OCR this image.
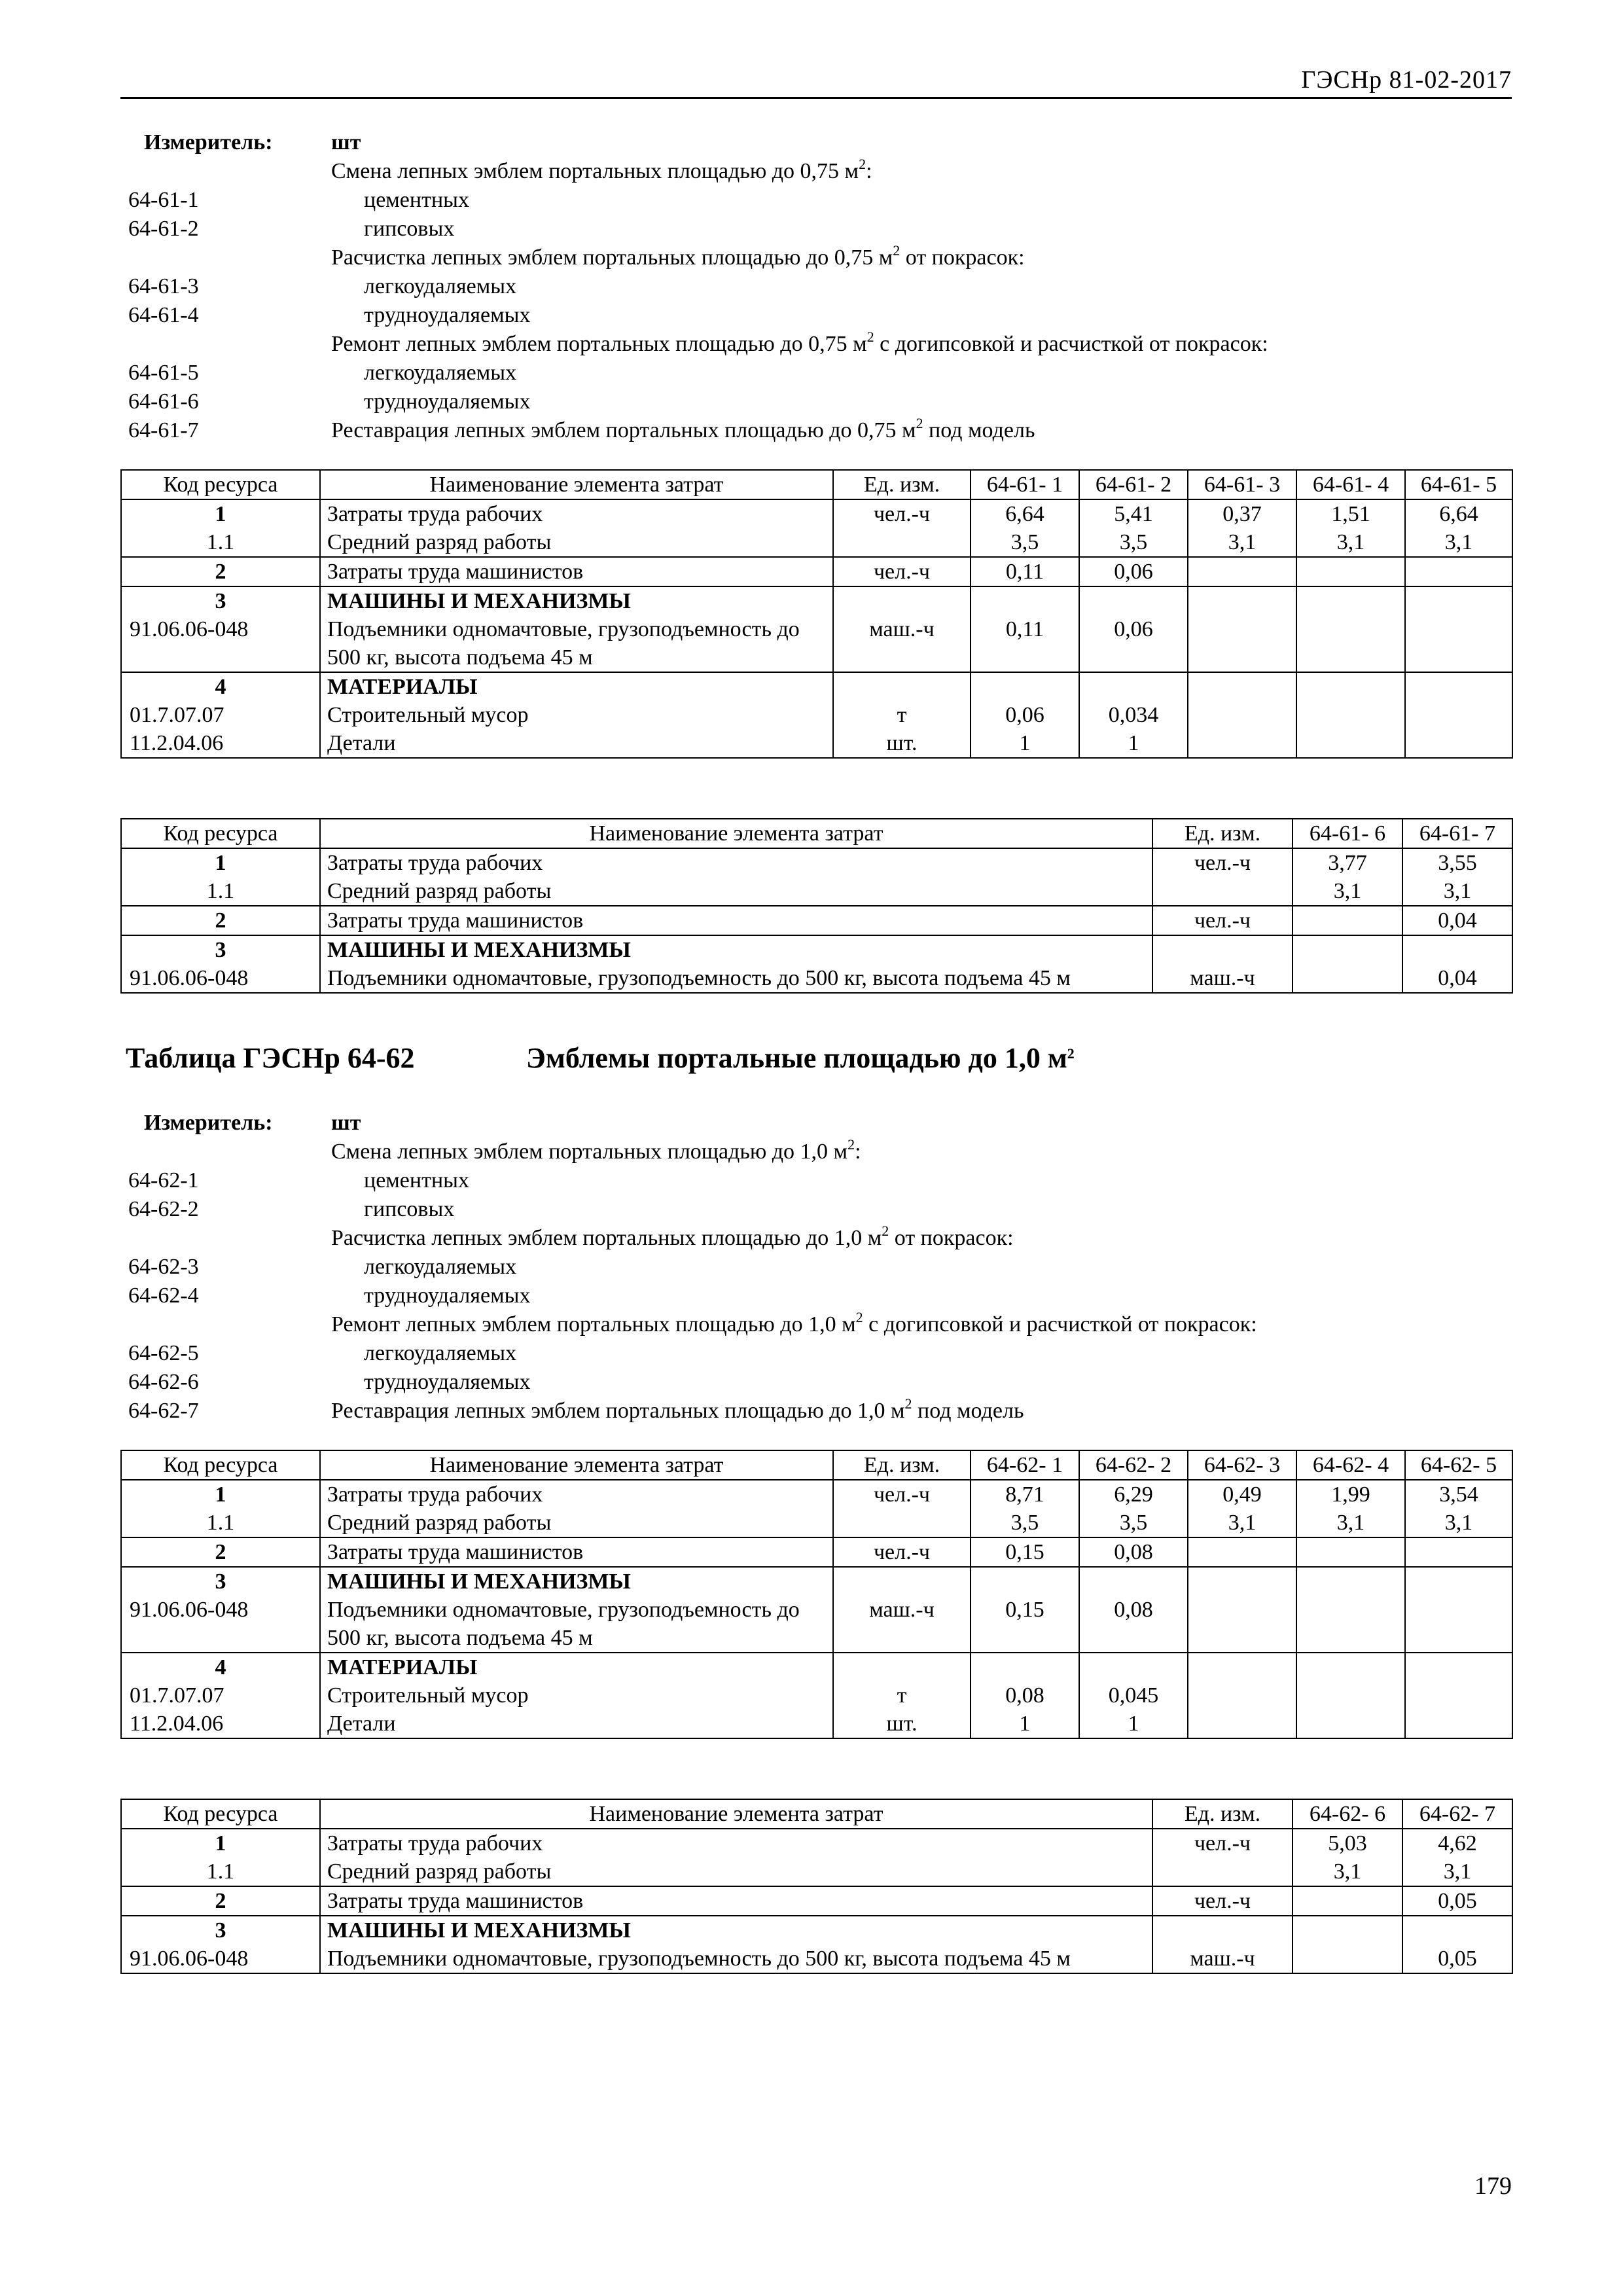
ГЭСНр 81-02-2017
Измеритель:	шт
Смена лепных эмблем портальных площадью до 0,75 $м^2$:
64-61-1	цементных
64-61-2	гипсовых
Расчистка лепных эмблем портальных площадью до 0,75 $м^2$ от покрасок:
64-61-3	легкоудаляемых
64-61-4	трудноудаляемых
Ремонт лепных эмблем портальных площадью до 0,75 $м^2$ с догипсовкой и расчисткой от покрасок:
64-61-5	легкоудаляемых
64-61-6	трудноудаляемых
64-61-7	Реставрация лепных эмблем портальных площадью до 0,75 $м^2$ под модель
Код ресурса	Наименование элемента затрат	Ед. изм.	64-61- 1	64-61- 2	64-61- 3	64-61- 4	64-61- 5
1	Затраты труда рабочих	чел.-ч	6,64	5,41	0,37	1,51	6,64
1.1	Средний разряд работы		3,5	3,5	3,1	3,1	3,1
2	Затраты труда машинистов	чел.-ч	0,11	0,06			
3	МАШИНЫ И МЕХАНИЗМЫ						
91.06.06-048	Подъемники одномачтовые, грузоподъемность до 500 кг, высота подъема 45 м	маш.-ч	0,11	0,06			
4	МАТЕРИАЛЫ						
01.7.07.07	Строительный мусор	т	0,06	0,034			
11.2.04.06	Детали	шт.	1	1			
Код ресурса	Наименование элемента затрат	Ед. изм.	64-61- 6	64-61- 7
1	Затраты труда рабочих	чел.-ч	3,77	3,55
1.1	Средний разряд работы		3,1	3,1
2	Затраты труда машинистов	чел.-ч		0,04
3	МАШИНЫ И МЕХАНИЗМЫ			
91.06.06-048	Подъемники одномачтовые, грузоподъемность до 500 кг, высота подъема 45 м	маш.-ч		0,04
Таблица ГЭСНр 64-62	Эмблемы портальные площадью до 1,0 $м^2$
Измеритель:	шт
Смена лепных эмблем портальных площадью до 1,0 $м^2$:
64-62-1	цементных
64-62-2	гипсовых
Расчистка лепных эмблем портальных площадью до 1,0 $м^2$ от покрасок:
64-62-3	легкоудаляемых
64-62-4	трудноудаляемых
Ремонт лепных эмблем портальных площадью до 1,0 $м^2$ с догипсовкой и расчисткой от покрасок:
64-62-5	легкоудаляемых
64-62-6	трудноудаляемых
64-62-7	Реставрация лепных эмблем портальных площадью до 1,0 $м^2$ под модель
Код ресурса	Наименование элемента затрат	Ед. изм.	64-62- 1	64-62- 2	64-62- 3	64-62- 4	64-62- 5
1	Затраты труда рабочих	чел.-ч	8,71	6,29	0,49	1,99	3,54
1.1	Средний разряд работы		3,5	3,5	3,1	3,1	3,1
2	Затраты труда машинистов	чел.-ч	0,15	0,08			
3	МАШИНЫ И МЕХАНИЗМЫ						
91.06.06-048	Подъемники одномачтовые, грузоподъемность до 500 кг, высота подъема 45 м	маш.-ч	0,15	0,08			
4	МАТЕРИАЛЫ						
01.7.07.07	Строительный мусор	т	0,08	0,045			
11.2.04.06	Детали	шт.	1	1			
Код ресурса	Наименование элемента затрат	Ед. изм.	64-62- 6	64-62- 7
1	Затраты труда рабочих	чел.-ч	5,03	4,62
1.1	Средний разряд работы		3,1	3,1
2	Затраты труда машинистов	чел.-ч		0,05
3	МАШИНЫ И МЕХАНИЗМЫ			
91.06.06-048	Подъемники одномачтовые, грузоподъемность до 500 кг, высота подъема 45 м	маш.-ч		0,05
179
